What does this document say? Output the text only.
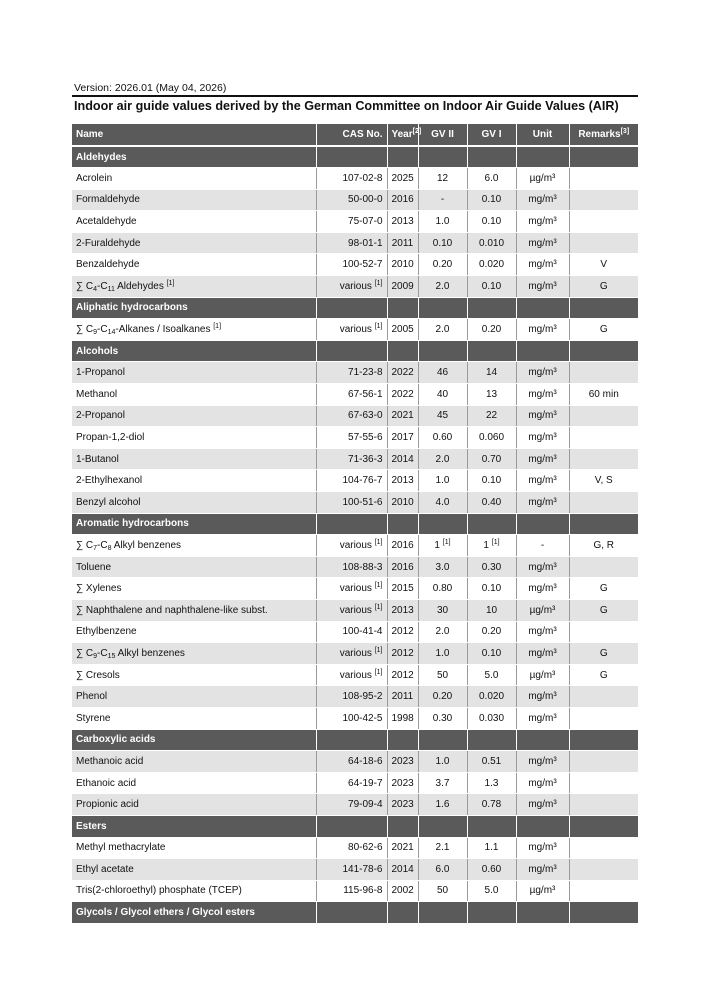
Version: 2026.01 (May 04, 2026)
Indoor air guide values derived by the German Committee on Indoor Air Guide Values (AIR)
Name	CAS No.	Year[2]	GV II	GV I	Unit	Remarks[3]
Aldehydes						
Acrolein	107-02-8	2025	12	6.0	µg/m³	
Formaldehyde	50-00-0	2016	-	0.10	mg/m³	
Acetaldehyde	75-07-0	2013	1.0	0.10	mg/m³	
2-Furaldehyde	98-01-1	2011	0.10	0.010	mg/m³	
Benzaldehyde	100-52-7	2010	0.20	0.020	mg/m³	V
∑ $C_4-C_{11}$ Aldehydes [1]	various [1]	2009	2.0	0.10	mg/m³	G
Aliphatic hydrocarbons						
∑ $C_9-C_{14}$-Alkanes / Isoalkanes [1]	various [1]	2005	2.0	0.20	mg/m³	G
Alcohols						
1-Propanol	71-23-8	2022	46	14	mg/m³	
Methanol	67-56-1	2022	40	13	mg/m³	60 min
2-Propanol	67-63-0	2021	45	22	mg/m³	
Propan-1,2-diol	57-55-6	2017	0.60	0.060	mg/m³	
1-Butanol	71-36-3	2014	2.0	0.70	mg/m³	
2-Ethylhexanol	104-76-7	2013	1.0	0.10	mg/m³	V, S
Benzyl alcohol	100-51-6	2010	4.0	0.40	mg/m³	
Aromatic hydrocarbons						
∑ $C_7-C_8$ Alkyl benzenes	various [1]	2016	1 [1]	1 [1]	-	G, R
Toluene	108-88-3	2016	3.0	0.30	mg/m³	
∑ Xylenes	various [1]	2015	0.80	0.10	mg/m³	G
∑ Naphthalene and naphthalene-like subst.	various [1]	2013	30	10	µg/m³	G
Ethylbenzene	100-41-4	2012	2.0	0.20	mg/m³	
∑ $C_9-C_{15}$ Alkyl benzenes	various [1]	2012	1.0	0.10	mg/m³	G
∑ Cresols	various [1]	2012	50	5.0	µg/m³	G
Phenol	108-95-2	2011	0.20	0.020	mg/m³	
Styrene	100-42-5	1998	0.30	0.030	mg/m³	
Carboxylic acids						
Methanoic acid	64-18-6	2023	1.0	0.51	mg/m³	
Ethanoic acid	64-19-7	2023	3.7	1.3	mg/m³	
Propionic acid	79-09-4	2023	1.6	0.78	mg/m³	
Esters						
Methyl methacrylate	80-62-6	2021	2.1	1.1	mg/m³	
Ethyl acetate	141-78-6	2014	6.0	0.60	mg/m³	
Tris(2-chloroethyl) phosphate (TCEP)	115-96-8	2002	50	5.0	µg/m³	
Glycols / Glycol ethers / Glycol esters						
